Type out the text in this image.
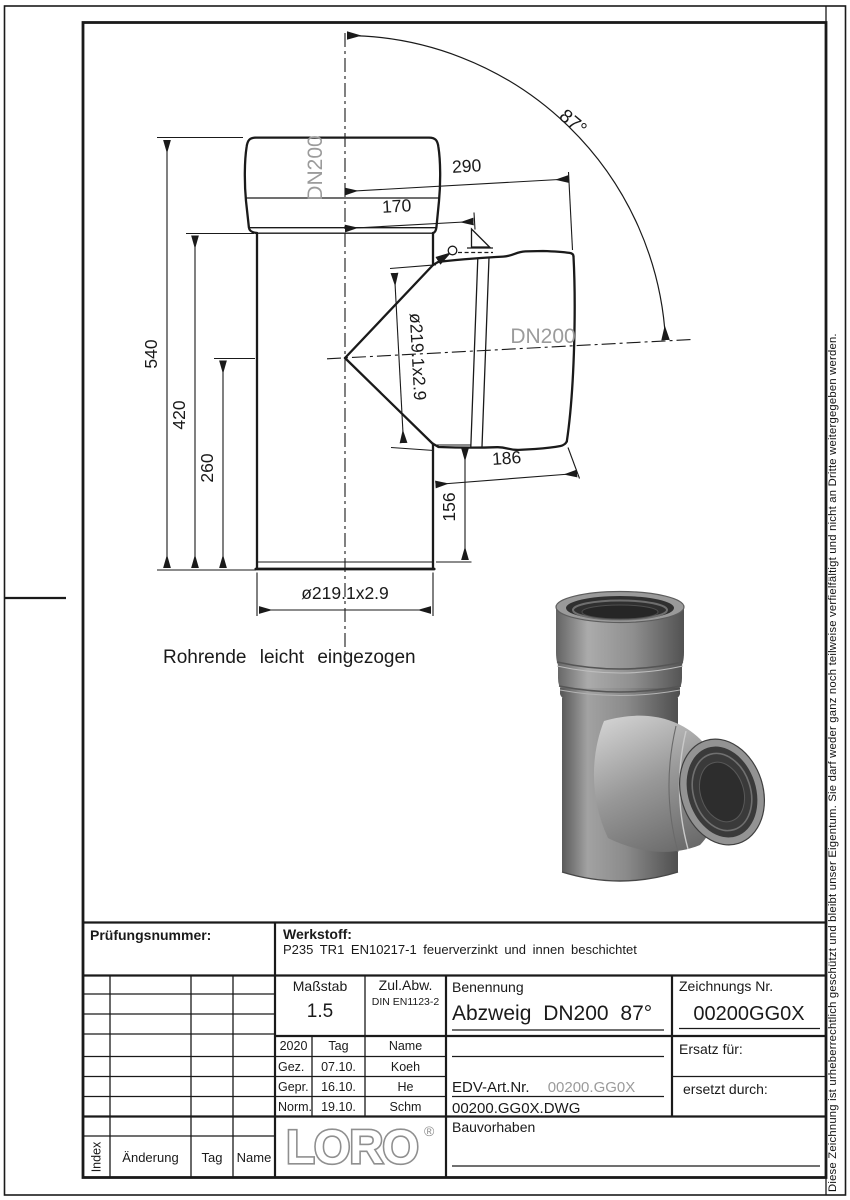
540
420
260
290
170
186
156
ø219.1x2.9
ø219.1x2.9
87°
Rohrende leicht eingezogen
DN200
DN200
LORO ®
Prüfungsnummer:	Werkstoff:
P235 TR1 EN10217-1 feuerverzinkt und innen beschichtet
Maßstab
1.5
Zul.Abw.
DIN EN1123-2
Benennung
Abzweig DN200 87°
Zeichnungs Nr.
00200GG0X
Ersatz für:
ersetzt durch:
EDV-Art.Nr. 00200.GG0X
00200.GG0X.DWG
Bauvorhaben
2020	Tag	Name
Gez.	07.10.	Koeh
Gepr.	16.10.	He
Norm. 19.10.	Schm
Index	Änderung	Tag	Name	Diese Zeichnung ist urheberrechtlich geschützt und bleibt unser Eigentum. Sie darf weder ganz noch teilweise verfielfältigt und nicht an Dritte weitergegeben werden.
